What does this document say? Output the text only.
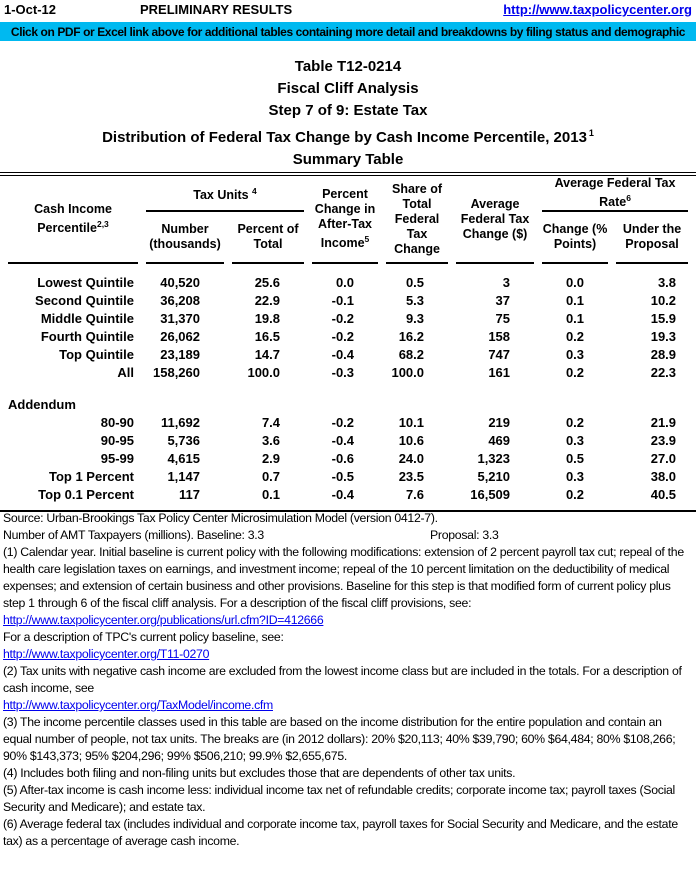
1-Oct-12	PRELIMINARY RESULTS	http://www.taxpolicycenter.org
Click on PDF or Excel link above for additional tables containing more detail and breakdowns by filing status and demographic
Table T12-0214
Fiscal Cliff Analysis
Step 7 of 9: Estate Tax
Distribution of Federal Tax Change by Cash Income Percentile, 2013 $^1$
Summary Table
Cash Income Percentile$^{2,3}$	Tax Units $^4$		Percent Change in After-Tax Income$^5$	Share of Total Federal Tax Change	Average Federal Tax Change ($)	Average Federal Tax Rate$^6$
	Number (thousands)	Percent of Total				Change (% Points)	Under the Proposal

Lowest Quintile	40,520	25.6	0.0	0.5	3	0.0	3.8
Second Quintile	36,208	22.9	-0.1	5.3	37	0.1	10.2
Middle Quintile	31,370	19.8	-0.2	9.3	75	0.1	15.9
Fourth Quintile	26,062	16.5	-0.2	16.2	158	0.2	19.3
Top Quintile	23,189	14.7	-0.4	68.2	747	0.3	28.9
All	158,260	100.0	-0.3	100.0	161	0.2	22.3

Addendum							
80-90	11,692	7.4	-0.2	10.1	219	0.2	21.9
90-95	5,736	3.6	-0.4	10.6	469	0.3	23.9
95-99	4,615	2.9	-0.6	24.0	1,323	0.5	27.0
Top 1 Percent	1,147	0.7	-0.5	23.5	5,210	0.3	38.0
Top 0.1 Percent	117	0.1	-0.4	7.6	16,509	0.2	40.5

Source: Urban-Brookings Tax Policy Center Microsimulation Model (version 0412-7).
Number of AMT Taxpayers (millions). Baseline: 3.3	Proposal: 3.3
(1) Calendar year. Initial baseline is current policy with the following modifications: extension of 2 percent payroll tax cut; repeal of the health care legislation taxes on earnings, and investment income; repeal of the 10 percent limitation on the deductibility of medical expenses; and extension of certain business and other provisions. Baseline for this step is that modified form of current policy plus step 1 through 6 of the fiscal cliff analysis. For a description of the fiscal cliff provisions, see:
http://www.taxpolicycenter.org/publications/url.cfm?ID=412666
For a description of TPC's current policy baseline, see:
http://www.taxpolicycenter.org/T11-0270
(2) Tax units with negative cash income are excluded from the lowest income class but are included in the totals. For a description of cash income, see
http://www.taxpolicycenter.org/TaxModel/income.cfm
(3) The income percentile classes used in this table are based on the income distribution for the entire population and contain an equal number of people, not tax units. The breaks are (in 2012 dollars): 20% $20,113; 40% $39,790; 60% $64,484; 80% $108,266; 90% $143,373; 95% $204,296; 99% $506,210; 99.9% $2,655,675.
(4) Includes both filing and non-filing units but excludes those that are dependents of other tax units.
(5) After-tax income is cash income less: individual income tax net of refundable credits; corporate income tax; payroll taxes (Social Security and Medicare); and estate tax.
(6) Average federal tax (includes individual and corporate income tax, payroll taxes for Social Security and Medicare, and the estate tax) as a percentage of average cash income.
